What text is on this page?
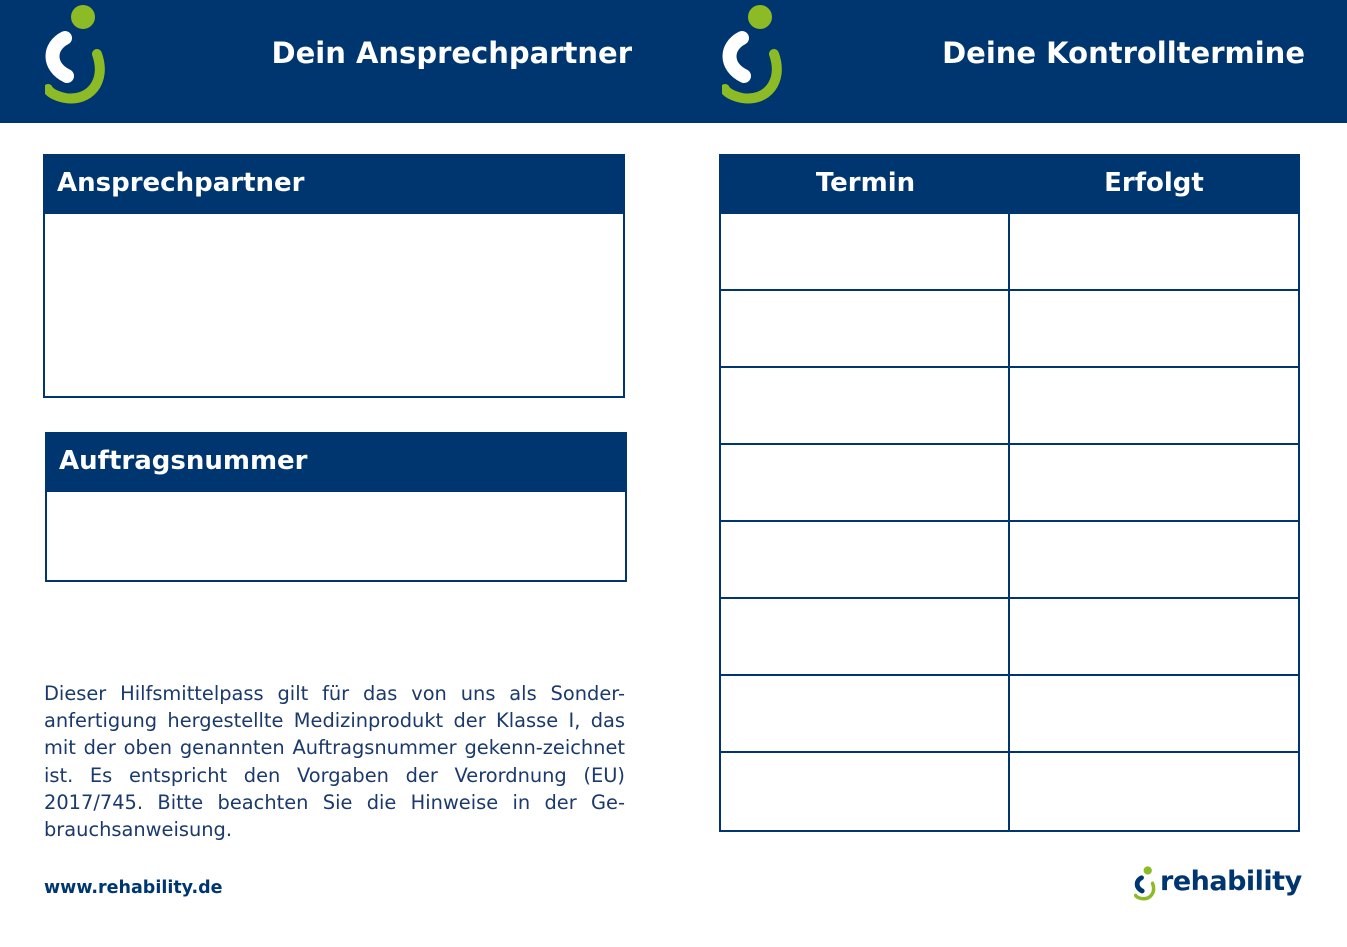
Dein Ansprechpartner	Deine Kontrolltermine
Ansprechpartner
Auftragsnummer
Termin	Erfolgt

Dieser Hilfsmittelpass gilt für das von uns als Sonder-anfertigung hergestellte Medizinprodukt der Klasse I, das mit der oben genannten Auftragsnummer gekenn-zeichnet ist. Es entspricht den Vorgaben der Verordnung (EU) 2017/745. Bitte beachten Sie die Hinweise in der Ge-brauchsanweisung.

www.rehability.de	rehability
